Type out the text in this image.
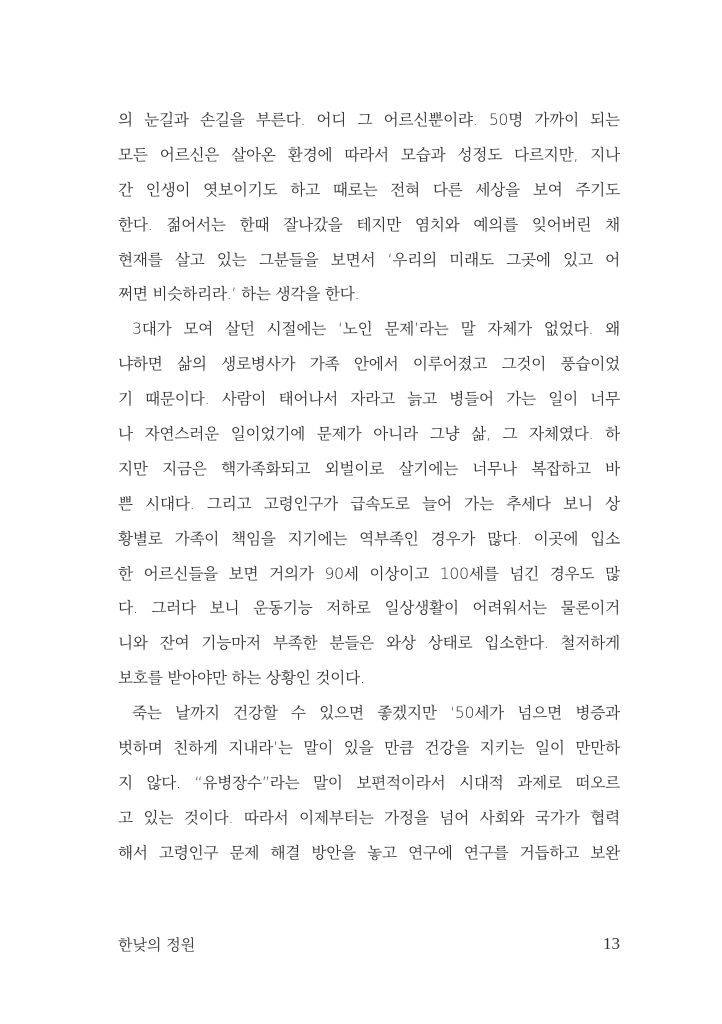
의 눈길과 손길을 부른다. 어디 그 어르신뿐이랴. 50명 가까이 되는
모든 어르신은 살아온 환경에 따라서 모습과 성정도 다르지만, 지나
간 인생이 엿보이기도 하고 때로는 전혀 다른 세상을 보여 주기도
한다. 젊어서는 한때 잘나갔을 테지만 염치와 예의를 잊어버린 채
현재를 살고 있는 그분들을 보면서 ‘우리의 미래도 그곳에 있고 어
쩌면 비슷하리라.’ 하는 생각을 한다.
3대가 모여 살던 시절에는 ‘노인 문제’라는 말 자체가 없었다. 왜
냐하면 삶의 생로병사가 가족 안에서 이루어졌고 그것이 풍습이었
기 때문이다. 사람이 태어나서 자라고 늙고 병들어 가는 일이 너무
나 자연스러운 일이었기에 문제가 아니라 그냥 삶, 그 자체였다. 하
지만 지금은 핵가족화되고 외벌이로 살기에는 너무나 복잡하고 바
쁜 시대다. 그리고 고령인구가 급속도로 늘어 가는 추세다 보니 상
황별로 가족이 책임을 지기에는 역부족인 경우가 많다. 이곳에 입소
한 어르신들을 보면 거의가 90세 이상이고 100세를 넘긴 경우도 많
다. 그러다 보니 운동기능 저하로 일상생활이 어려워서는 물론이거
니와 잔여 기능마저 부족한 분들은 와상 상태로 입소한다. 철저하게
보호를 받아야만 하는 상황인 것이다.
죽는 날까지 건강할 수 있으면 좋겠지만 ‘50세가 넘으면 병증과
벗하며 친하게 지내라’는 말이 있을 만큼 건강을 지키는 일이 만만하
지 않다. “유병장수”라는 말이 보편적이라서 시대적 과제로 떠오르
고 있는 것이다. 따라서 이제부터는 가정을 넘어 사회와 국가가 협력
해서 고령인구 문제 해결 방안을 놓고 연구에 연구를 거듭하고 보완
한낮의 정원	13
